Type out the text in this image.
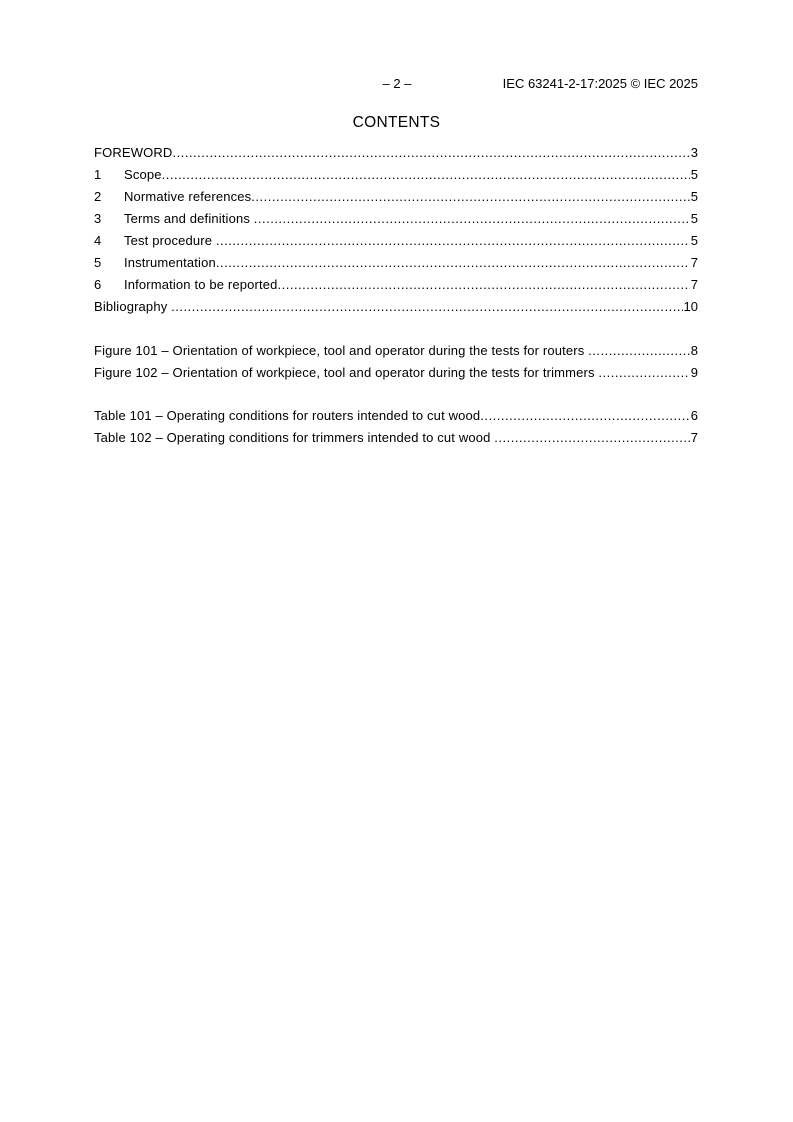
– 2 –	IEC 63241-2-17:2025 © IEC 2025
CONTENTS
FOREWORD .....	3
1	Scope .....	5
2	Normative references .....	5
3	Terms and definitions .....	5
4	Test procedure .....	5
5	Instrumentation .....	7
6	Information to be reported .....	7
Bibliography .....	10
Figure 101 – Orientation of workpiece, tool and operator during the tests for routers .....	8
Figure 102 – Orientation of workpiece, tool and operator during the tests for trimmers .....	9
Table 101 – Operating conditions for routers intended to cut wood .....	6
Table 102 – Operating conditions for trimmers intended to cut wood .....	7
